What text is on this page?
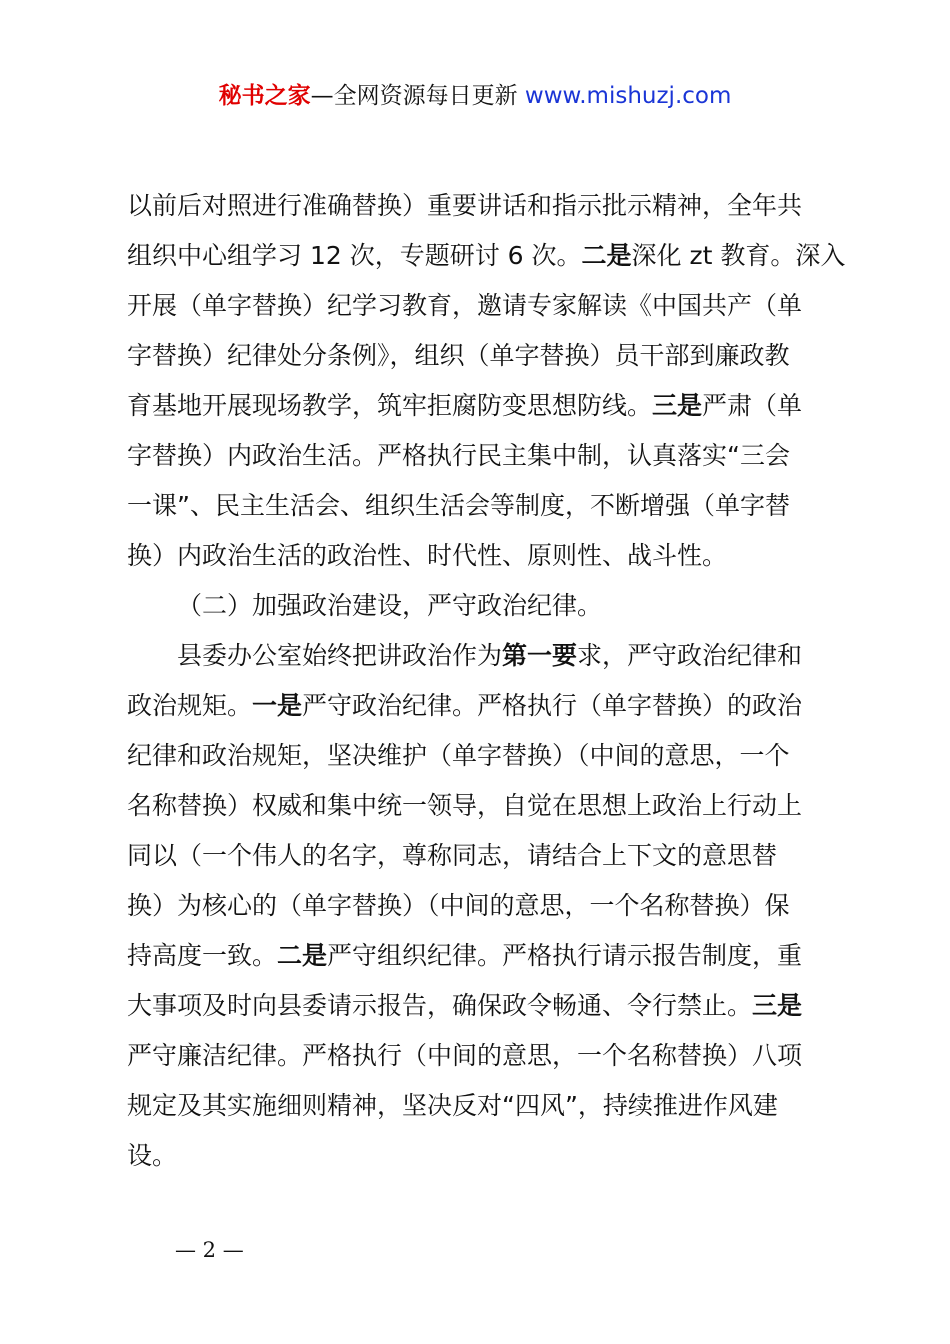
秘书之家—全网资源每日更新 www.mishuzj.com
以前后对照进行准确替换）重要讲话和指示批示精神，全年共
组织中心组学习 12 次，专题研讨 6 次。二是深化 zt 教育。深入
开展（单字替换）纪学习教育，邀请专家解读《中国共产（单
字替换）纪律处分条例》，组织（单字替换）员干部到廉政教
育基地开展现场教学，筑牢拒腐防变思想防线。三是严肃（单
字替换）内政治生活。严格执行民主集中制，认真落实“三会
一课”、民主生活会、组织生活会等制度，不断增强（单字替
换）内政治生活的政治性、时代性、原则性、战斗性。
（二）加强政治建设，严守政治纪律。
县委办公室始终把讲政治作为第一要求，严守政治纪律和
政治规矩。一是严守政治纪律。严格执行（单字替换）的政治
纪律和政治规矩，坚决维护（单字替换）（中间的意思，一个
名称替换）权威和集中统一领导，自觉在思想上政治上行动上
同以（一个伟人的名字，尊称同志，请结合上下文的意思替
换）为核心的（单字替换）（中间的意思，一个名称替换）保
持高度一致。二是严守组织纪律。严格执行请示报告制度，重
大事项及时向县委请示报告，确保政令畅通、令行禁止。三是
严守廉洁纪律。严格执行（中间的意思，一个名称替换）八项
规定及其实施细则精神，坚决反对“四风”，持续推进作风建
设。
— 2 —
